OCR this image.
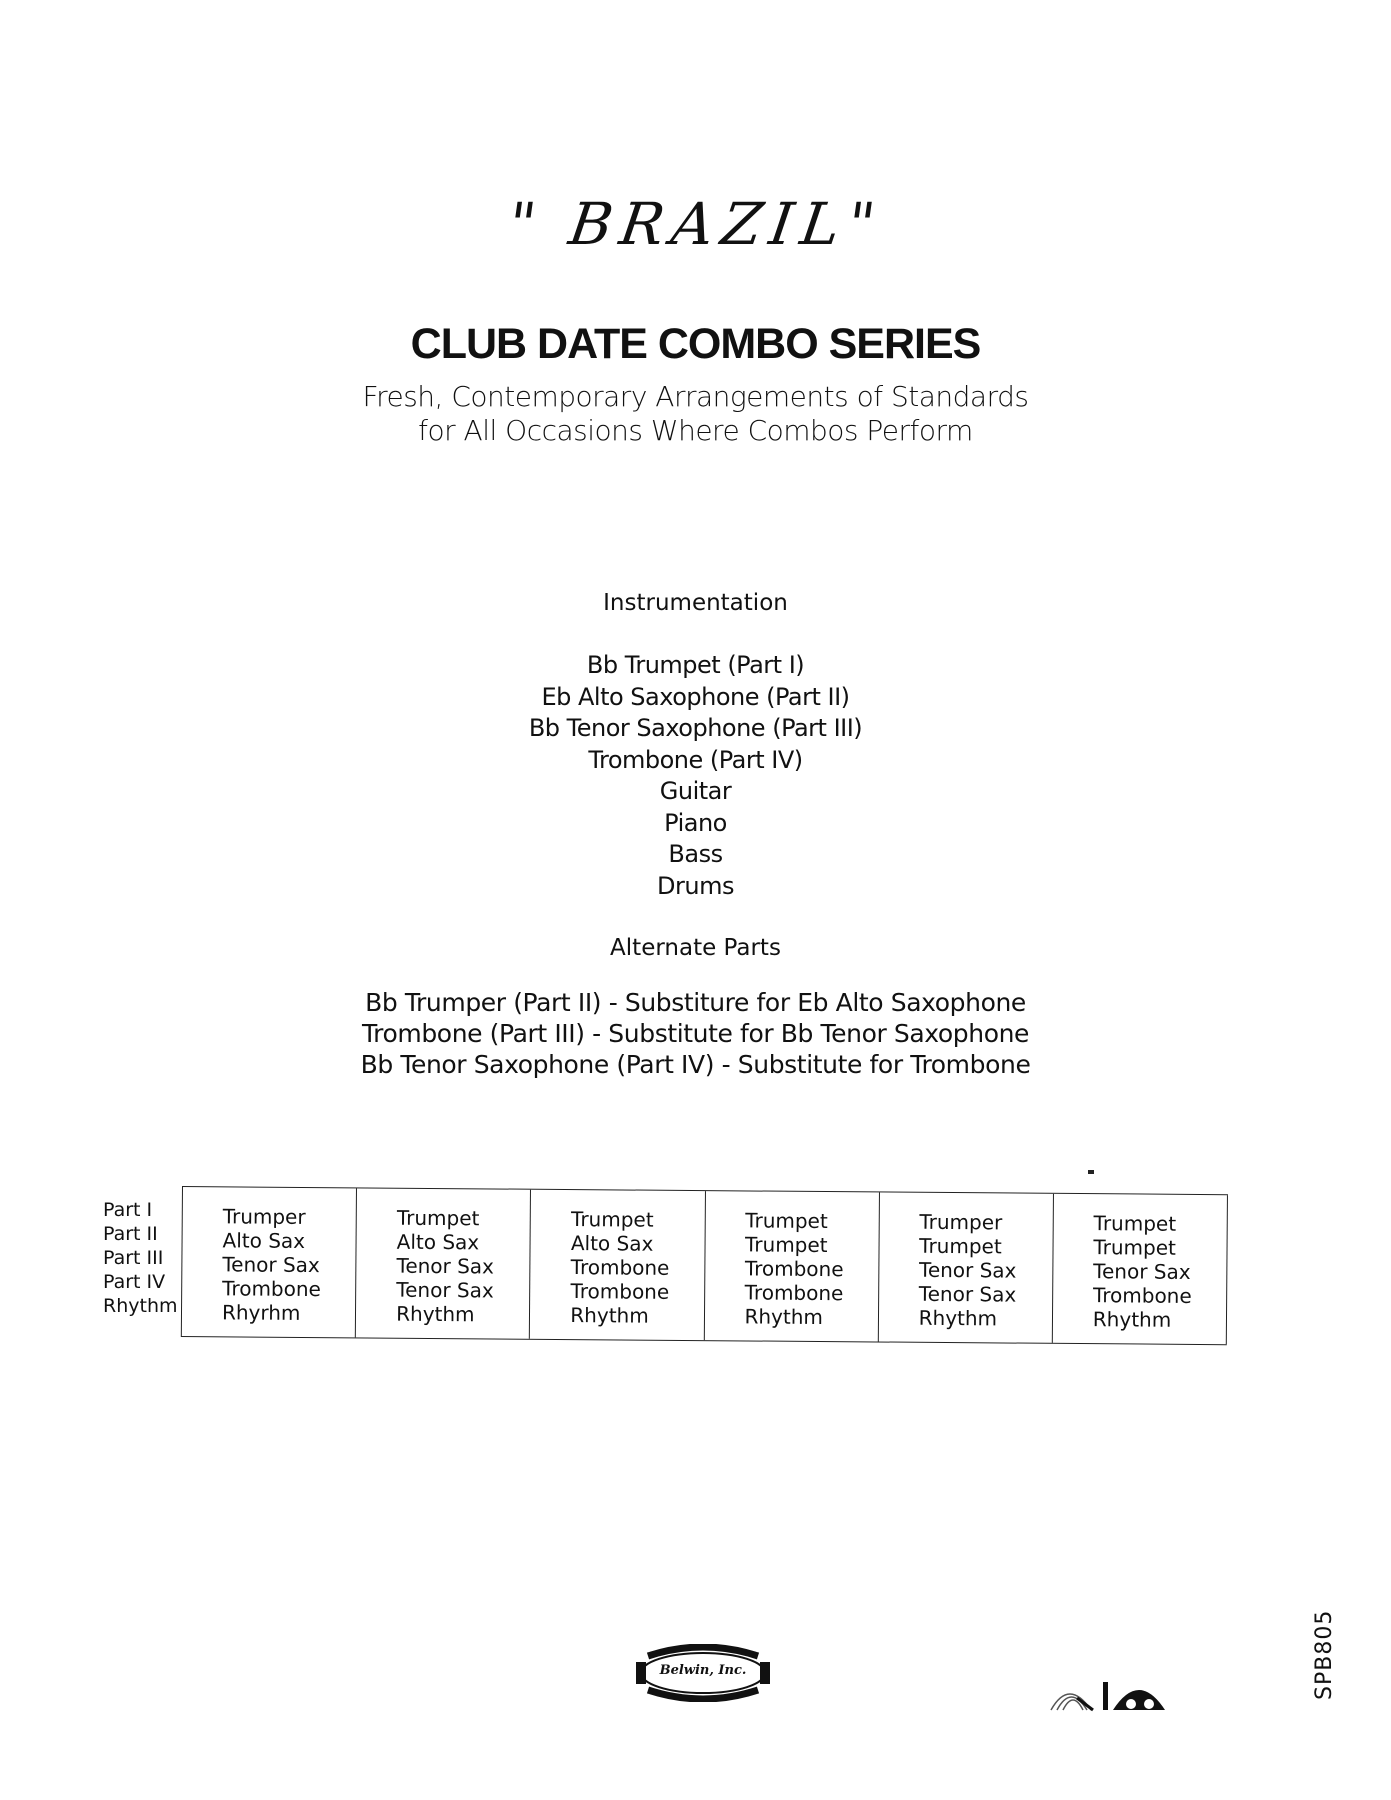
" BRAZIL"
CLUB DATE COMBO SERIES
Fresh, Contemporary Arrangements of Standards
for All Occasions Where Combos Perform
Instrumentation
Bb Trumpet (Part I)
Eb Alto Saxophone (Part II)
Bb Tenor Saxophone (Part III)
Trombone (Part IV)
Guitar
Piano
Bass
Drums
Alternate Parts
Bb Trumper (Part II) - Substiture for Eb Alto Saxophone
Trombone (Part III) - Substitute for Bb Tenor Saxophone
Bb Tenor Saxophone (Part IV) - Substitute for Trombone
Part I
Part II
Part III
Part IV
Rhythm
Trumper
Alto Sax
Tenor Sax
Trombone
Rhyrhm
Trumpet
Alto Sax
Tenor Sax
Tenor Sax
Rhythm
Trumpet
Alto Sax
Trombone
Trombone
Rhythm
Trumpet
Trumpet
Trombone
Trombone
Rhythm
Trumper
Trumpet
Tenor Sax
Tenor Sax
Rhythm
Trumpet
Trumpet
Tenor Sax
Trombone
Rhythm
Belwin, Inc.	SPB805
